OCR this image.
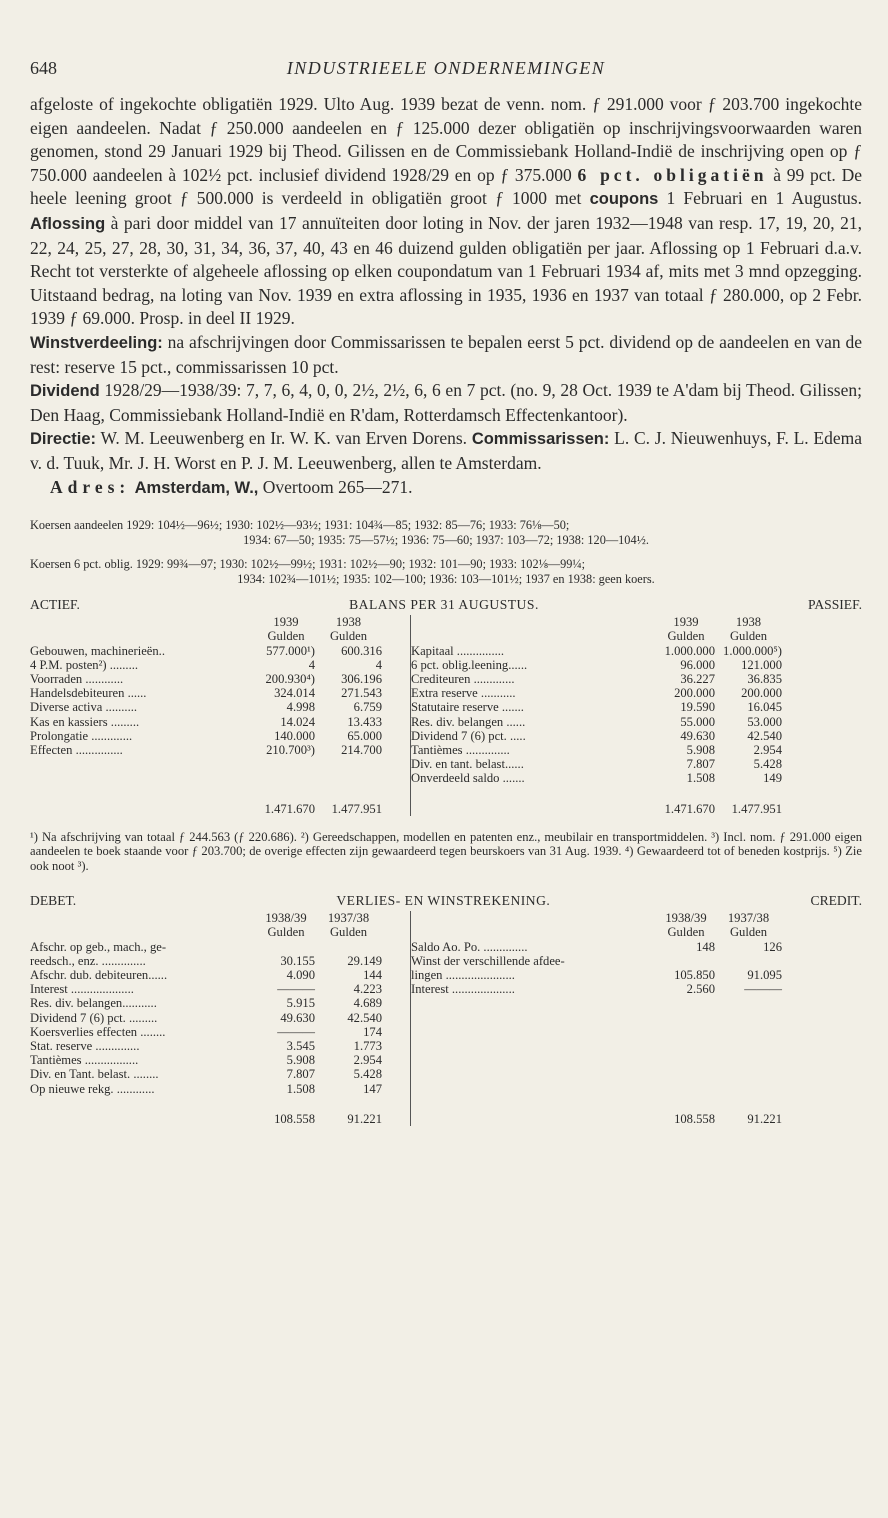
648	INDUSTRIEELE ONDERNEMINGEN

afgeloste of ingekochte obligatiën 1929. Ulto Aug. 1939 bezat de venn. nom. ƒ 291.000 voor ƒ 203.700 ingekochte eigen aandeelen. Nadat ƒ 250.000 aandeelen en ƒ 125.000 dezer obligatiën op inschrijvingsvoorwaarden waren genomen, stond 29 Januari 1929 bij Theod. Gilissen en de Commissiebank Holland-Indië de inschrijving open op ƒ 750.000 aandeelen à 102½ pct. inclusief dividend 1928/29 en op ƒ 375.000 6 pct. obligatiën à 99 pct. De heele leening groot ƒ 500.000 is verdeeld in obligatiën groot ƒ 1000 met coupons 1 Februari en 1 Augustus. Aflossing à pari door middel van 17 annuïteiten door loting in Nov. der jaren 1932—1948 van resp. 17, 19, 20, 21, 22, 24, 25, 27, 28, 30, 31, 34, 36, 37, 40, 43 en 46 duizend gulden obligatiën per jaar. Aflossing op 1 Februari d.a.v. Recht tot versterkte of algeheele aflossing op elken coupondatum van 1 Februari 1934 af, mits met 3 mnd opzegging. Uitstaand bedrag, na loting van Nov. 1939 en extra aflossing in 1935, 1936 en 1937 van totaal ƒ 280.000, op 2 Febr. 1939 ƒ 69.000. Prosp. in deel II 1929.

Winstverdeeling: na afschrijvingen door Commissarissen te bepalen eerst 5 pct. dividend op de aandeelen en van de rest: reserve 15 pct., commissarissen 10 pct.

Dividend 1928/29—1938/39: 7, 7, 6, 4, 0, 0, 2½, 2½, 6, 6 en 7 pct. (no. 9, 28 Oct. 1939 te A'dam bij Theod. Gilissen; Den Haag, Commissiebank Holland-Indië en R'dam, Rotterdamsch Effectenkantoor).

Directie: W. M. Leeuwenberg en Ir. W. K. van Erven Dorens. Commissarissen: L. C. J. Nieuwenhuys, F. L. Edema v. d. Tuuk, Mr. J. H. Worst en P. J. M. Leeuwenberg, allen te Amsterdam.

Adres: Amsterdam, W., Overtoom 265—271.

Koersen aandeelen 1929: 104½—96½; 1930: 102½—93½; 1931: 104¾—85; 1932: 85—76; 1933: 76⅛—50;
1934: 67—50; 1935: 75—57½; 1936: 75—60; 1937: 103—72; 1938: 120—104½.

Koersen 6 pct. oblig. 1929: 99¾—97; 1930: 102½—99½; 1931: 102½—90; 1932: 101—90; 1933: 102⅛—99¼;
1934: 102¾—101½; 1935: 102—100; 1936: 103—101½; 1937 en 1938: geen koers.

ACTIEF.	BALANS PER 31 AUGUSTUS.	PASSIEF.
	1939	1938			1939	1938
	Gulden	Gulden			Gulden	Gulden
Gebouwen, machinerieën..	577.000¹)	600.316		Kapitaal ...............	1.000.000	1.000.000⁵)
4 P.M. posten²) .........	4	4		6 pct. oblig.leening......	96.000	121.000
Voorraden ............	200.930⁴)	306.196		Crediteuren .............	36.227	36.835
Handelsdebiteuren ......	324.014	271.543		Extra reserve ...........	200.000	200.000
Diverse activa ..........	4.998	6.759		Statutaire reserve .......	19.590	16.045
Kas en kassiers .........	14.024	13.433		Res. div. belangen ......	55.000	53.000
Prolongatie .............	140.000	65.000		Dividend 7 (6) pct. .....	49.630	42.540
Effecten ...............	210.700³)	214.700		Tantièmes ..............	5.908	2.954
				Div. en tant. belast......	7.807	5.428
				Onverdeeld saldo .......	1.508	149
	1.471.670	1.477.951			1.471.670	1.477.951
¹) Na afschrijving van totaal ƒ 244.563 (ƒ 220.686). ²) Gereedschappen, modellen en patenten enz., meubilair en transportmiddelen. ³) Incl. nom. ƒ 291.000 eigen aandeelen te boek staande voor ƒ 203.700; de overige effecten zijn gewaardeerd tegen beurskoers van 31 Aug. 1939. ⁴) Gewaardeerd tot of beneden kostprijs. ⁵) Zie ook noot ³).
DEBET.	VERLIES- EN WINSTREKENING.	CREDIT.
	1938/39	1937/38			1938/39	1937/38
	Gulden	Gulden			Gulden	Gulden
Afschr. op geb., mach., ge-				Saldo Ao. Po. ..............	148	126
reedsch., enz. ..............	30.155	29.149		Winst der verschillende afdee-		
Afschr. dub. debiteuren......	4.090	144		lingen ......................	105.850	91.095
Interest ....................	———	4.223		Interest ....................	2.560	———
Res. div. belangen...........	5.915	4.689				
Dividend 7 (6) pct. .........	49.630	42.540				
Koersverlies effecten ........	———	174				
Stat. reserve ..............	3.545	1.773				
Tantièmes .................	5.908	2.954				
Div. en Tant. belast. ........	7.807	5.428				
Op nieuwe rekg. ............	1.508	147				
	108.558	91.221			108.558	91.221
